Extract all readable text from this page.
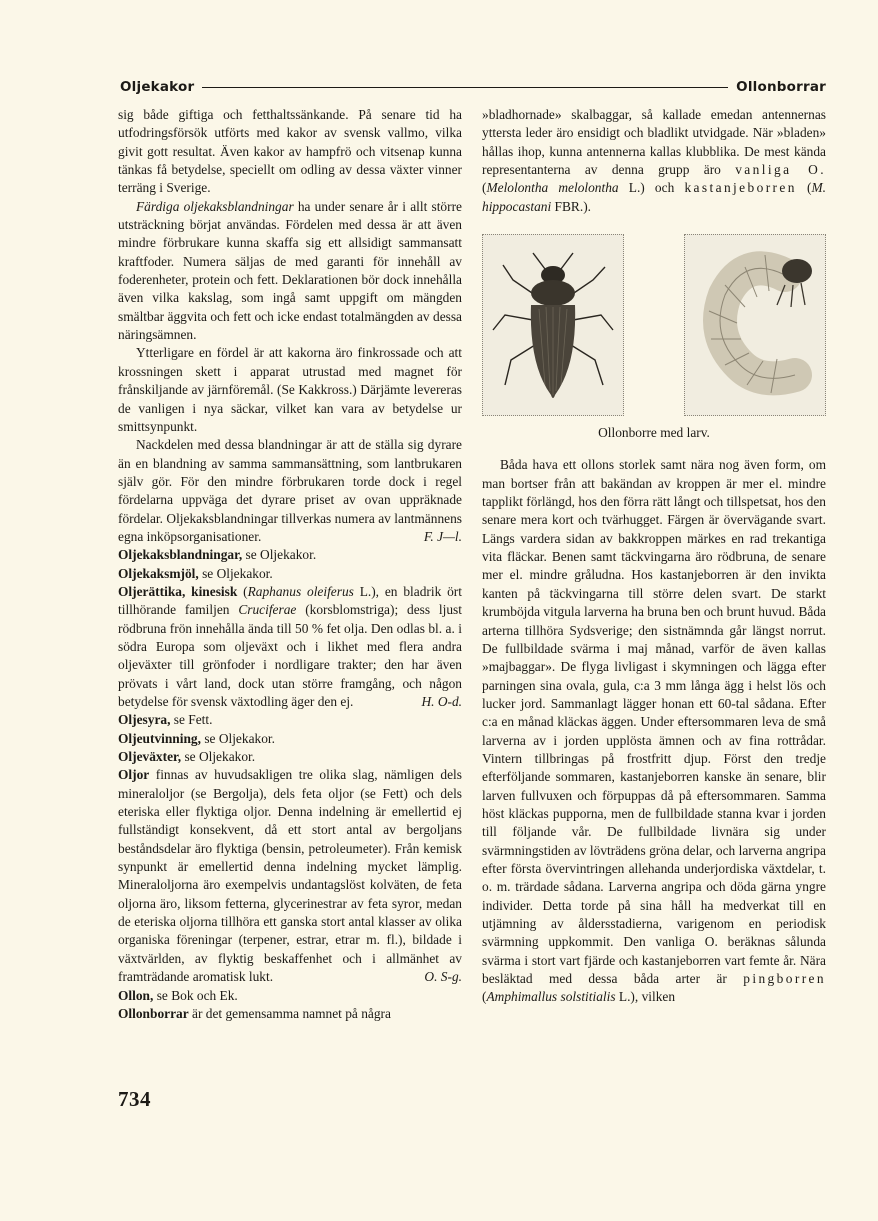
Oljekakor	Ollonborrar

sig både giftiga och fetthaltssänkande. På senare tid ha utfodringsförsök utförts med kakor av svensk vallmo, vilka givit gott resultat. Även kakor av hampfrö och vitsenap kunna tänkas få betydelse, speciellt om odling av dessa växter vinner terräng i Sverige.

Färdiga oljekaksblandningar ha under senare år i allt större utsträckning börjat användas. Fördelen med dessa är att även mindre förbrukare kunna skaffa sig ett allsidigt sammansatt kraftfoder. Numera säljas de med garanti för innehåll av foderenheter, protein och fett. Deklarationen bör dock innehålla även vilka kakslag, som ingå samt uppgift om mängden smältbar äggvita och fett och icke endast totalmängden av dessa näringsämnen.

Ytterligare en fördel är att kakorna äro finkrossade och att krossningen skett i apparat utrustad med magnet för frånskiljande av järnföremål. (Se Kakkross.) Därjämte levereras de vanligen i nya säckar, vilket kan vara av betydelse ur smittsynpunkt.

Nackdelen med dessa blandningar är att de ställa sig dyrare än en blandning av samma sammansättning, som lantbrukaren själv gör. För den mindre förbrukaren torde dock i regel fördelarna uppväga det dyrare priset av ovan uppräknade fördelar. Oljekaksblandningar tillverkas numera av lantmännens egna inköpsorganisationer.	F. J—l.

Oljekaksblandningar, se Oljekakor.

Oljekaksmjöl, se Oljekakor.

Oljerättika, kinesisk (Raphanus oleiferus L.), en bladrik ört tillhörande familjen Cruciferae (korsblomstriga); dess ljust rödbruna frön innehålla ända till 50 % fet olja. Den odlas bl. a. i södra Europa som oljeväxt och i likhet med flera andra oljeväxter till grönfoder i nordligare trakter; den har även prövats i vårt land, dock utan större framgång, och någon betydelse för svensk växtodling äger den ej.	H. O-d.

Oljesyra, se Fett.

Oljeutvinning, se Oljekakor.

Oljeväxter, se Oljekakor.

Oljor finnas av huvudsakligen tre olika slag, nämligen dels mineraloljor (se Bergolja), dels feta oljor (se Fett) och dels eteriska eller flyktiga oljor. Denna indelning är emellertid ej fullständigt konsekvent, då ett stort antal av bergoljans beståndsdelar äro flyktiga (bensin, petroleumeter). Från kemisk synpunkt är emellertid denna indelning mycket lämplig. Mineraloljorna äro exempelvis undantagslöst kolväten, de feta oljorna äro, liksom fetterna, glycerinestrar av feta syror, medan de eteriska oljorna tillhöra ett ganska stort antal klasser av olika organiska föreningar (terpener, estrar, etrar m. fl.), bildade i växtvärlden, av flyktig beskaffenhet och i allmänhet av framträdande aromatisk lukt.	O. S-g.

Ollon, se Bok och Ek.

Ollonborrar är det gemensamma namnet på några

»bladhornade» skalbaggar, så kallade emedan antennernas yttersta leder äro ensidigt och bladlikt utvidgade. När »bladen» hållas ihop, kunna antennerna kallas klubblika. De mest kända representanterna av denna grupp äro vanliga O. (Melolontha melolontha L.) och kastanjeborren (M. hippocastani FBR.).

Ollonborre med larv.

Båda hava ett ollons storlek samt nära nog även form, om man bortser från att bakändan av kroppen är mer el. mindre tapplikt förlängd, hos den förra rätt långt och tillspetsat, hos den senare mera kort och tvärhugget. Färgen är övervägande svart. Längs vardera sidan av bakkroppen märkes en rad trekantiga vita fläckar. Benen samt täckvingarna äro rödbruna, de senare mer el. mindre gråludna. Hos kastanjeborren är den invikta kanten på täckvingarna till större delen svart. De starkt krumböjda vitgula larverna ha bruna ben och brunt huvud. Båda arterna tillhöra Sydsverige; den sistnämnda går längst norrut. De fullbildade svärma i maj månad, varför de även kallas »majbaggar». De flyga livligast i skymningen och lägga efter parningen sina ovala, gula, c:a 3 mm långa ägg i helst lös och lucker jord. Sammanlagt lägger honan ett 60-tal sådana. Efter c:a en månad kläckas äggen. Under eftersommaren leva de små larverna av i jorden upplösta ämnen och av fina rottrådar. Vintern tillbringas på frostfritt djup. Först den tredje efterföljande sommaren, kastanjeborren kanske än senare, blir larven fullvuxen och förpuppas då på eftersommaren. Samma höst kläckas pupporna, men de fullbildade stanna kvar i jorden till följande vår. De fullbildade livnära sig under svärmningstiden av lövträdens gröna delar, och larverna angripa efter första övervintringen allehanda underjordiska växtdelar, t. o. m. trärdade sådana. Larverna angripa och döda gärna yngre individer. Detta torde på sina håll ha medverkat till en utjämning av åldersstadierna, varigenom en periodisk svärmning uppkommit. Den vanliga O. beräknas sålunda svärma i stort vart fjärde och kastanjeborren vart femte år. Nära besläktad med dessa båda arter är pingborren (Amphimallus solstitialis L.), vilken

734
